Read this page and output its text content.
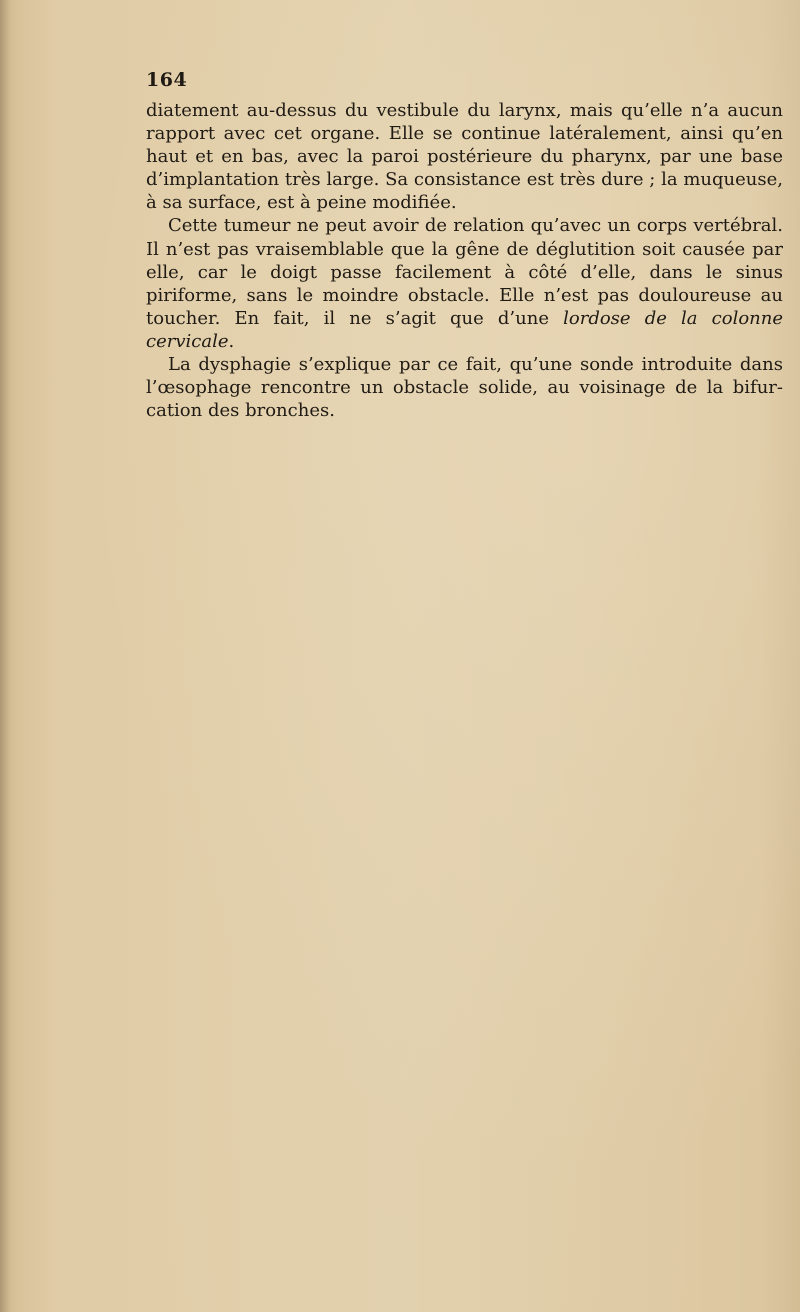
164

diatement au-dessus du vestibule du larynx, mais qu’elle n’a aucun rapport avec cet organe. Elle se continue latéralement, ainsi qu’en haut et en bas, avec la paroi postérieure du pharynx, par une base d’implantation très large. Sa consistance est très dure ; la muqueuse, à sa surface, est à peine modifiée.

Cette tumeur ne peut avoir de relation qu’avec un corps vertébral. Il n’est pas vraisemblable que la gêne de déglutition soit causée par elle, car le doigt passe facilement à côté d’elle, dans le sinus piriforme, sans le moindre obstacle. Elle n’est pas douloureuse au toucher. En fait, il ne s’agit que d’une lordose de la colonne cervicale.

La dysphagie s’explique par ce fait, qu’une sonde introduite dans l’œsophage rencontre un obstacle solide, au voisinage de la bifurcation des bronches.
